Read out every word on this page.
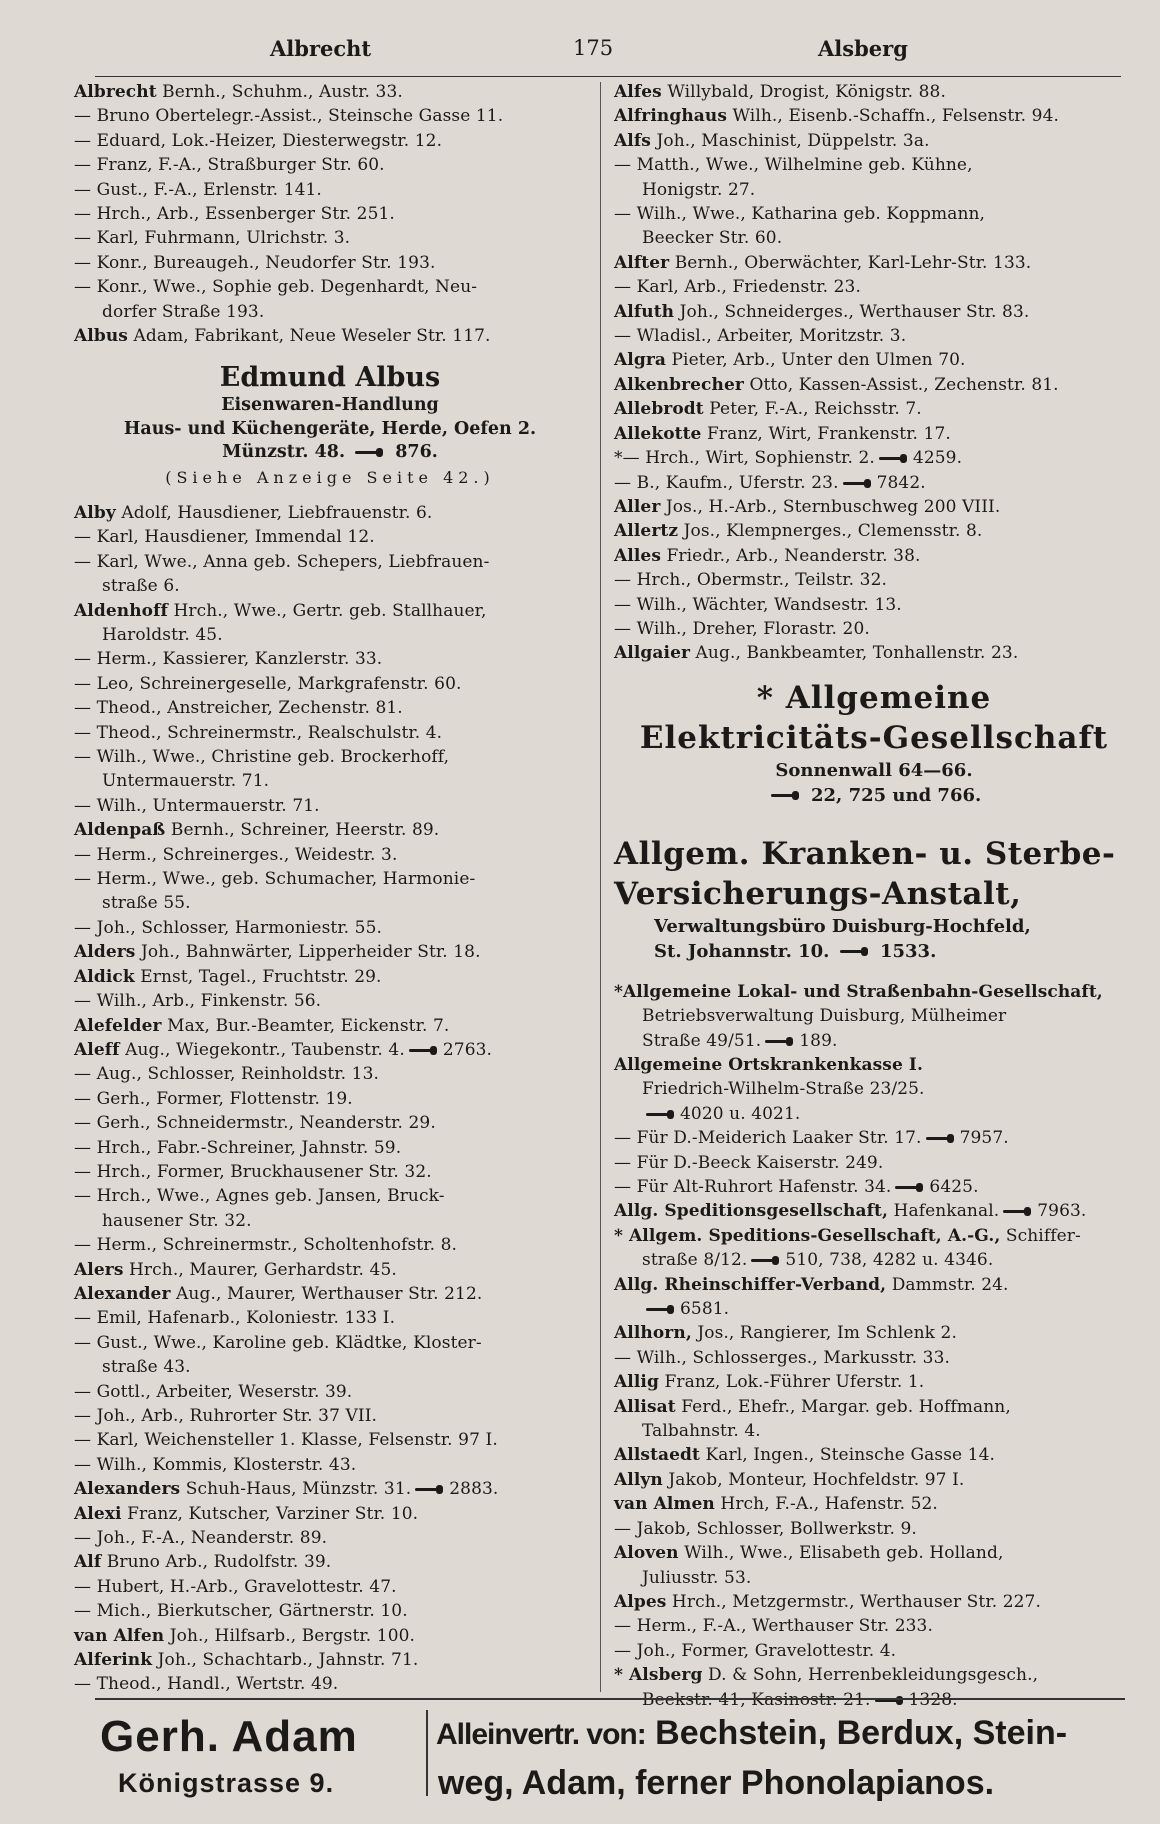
Albrecht	175	Alsberg
Albrecht Bernh., Schuhm., Austr. 33.
— Bruno Obertelegr.-Assist., Steinsche Gasse 11.
— Eduard, Lok.-Heizer, Diesterwegstr. 12.
— Franz, F.-A., Straßburger Str. 60.
— Gust., F.-A., Erlenstr. 141.
— Hrch., Arb., Essenberger Str. 251.
— Karl, Fuhrmann, Ulrichstr. 3.
— Konr., Bureaugeh., Neudorfer Str. 193.
— Konr., Wwe., Sophie geb. Degenhardt, Neu-
dorfer Straße 193.
Albus Adam, Fabrikant, Neue Weseler Str. 117.
Edmund Albus
Eisenwaren-Handlung
Haus- und Küchengeräte, Herde, Oefen 2.
Münzstr. 48.	876.
(Siehe Anzeige Seite 42.)
Alby Adolf, Hausdiener, Liebfrauenstr. 6.
— Karl, Hausdiener, Immendal 12.
— Karl, Wwe., Anna geb. Schepers, Liebfrauen-
straße 6.
Aldenhoff Hrch., Wwe., Gertr. geb. Stallhauer,
Haroldstr. 45.
— Herm., Kassierer, Kanzlerstr. 33.
— Leo, Schreinergeselle, Markgrafenstr. 60.
— Theod., Anstreicher, Zechenstr. 81.
— Theod., Schreinermstr., Realschulstr. 4.
— Wilh., Wwe., Christine geb. Brockerhoff,
Untermauerstr. 71.
— Wilh., Untermauerstr. 71.
Aldenpaß Bernh., Schreiner, Heerstr. 89.
— Herm., Schreinerges., Weidestr. 3.
— Herm., Wwe., geb. Schumacher, Harmonie-
straße 55.
— Joh., Schlosser, Harmoniestr. 55.
Alders Joh., Bahnwärter, Lipperheider Str. 18.
Aldick Ernst, Tagel., Fruchtstr. 29.
— Wilh., Arb., Finkenstr. 56.
Alefelder Max, Bur.-Beamter, Eickenstr. 7.
Aleff Aug., Wiegekontr., Taubenstr. 4. 2763.
— Aug., Schlosser, Reinholdstr. 13.
— Gerh., Former, Flottenstr. 19.
— Gerh., Schneidermstr., Neanderstr. 29.
— Hrch., Fabr.-Schreiner, Jahnstr. 59.
— Hrch., Former, Bruckhausener Str. 32.
— Hrch., Wwe., Agnes geb. Jansen, Bruck-
hausener Str. 32.
— Herm., Schreinermstr., Scholtenhofstr. 8.
Alers Hrch., Maurer, Gerhardstr. 45.
Alexander Aug., Maurer, Werthauser Str. 212.
— Emil, Hafenarb., Koloniestr. 133 I.
— Gust., Wwe., Karoline geb. Klädtke, Kloster-
straße 43.
— Gottl., Arbeiter, Weserstr. 39.
— Joh., Arb., Ruhrorter Str. 37 VII.
— Karl, Weichensteller 1. Klasse, Felsenstr. 97 I.
— Wilh., Kommis, Klosterstr. 43.
Alexanders Schuh-Haus, Münzstr. 31. 2883.
Alexi Franz, Kutscher, Varziner Str. 10.
— Joh., F.-A., Neanderstr. 89.
Alf Bruno Arb., Rudolfstr. 39.
— Hubert, H.-Arb., Gravelottestr. 47.
— Mich., Bierkutscher, Gärtnerstr. 10.
van Alfen Joh., Hilfsarb., Bergstr. 100.
Alferink Joh., Schachtarb., Jahnstr. 71.
— Theod., Handl., Wertstr. 49.
Alfes Willybald, Drogist, Königstr. 88.
Alfringhaus Wilh., Eisenb.-Schaffn., Felsenstr. 94.
Alfs Joh., Maschinist, Düppelstr. 3a.
— Matth., Wwe., Wilhelmine geb. Kühne,
Honigstr. 27.
— Wilh., Wwe., Katharina geb. Koppmann,
Beecker Str. 60.
Alfter Bernh., Oberwächter, Karl-Lehr-Str. 133.
— Karl, Arb., Friedenstr. 23.
Alfuth Joh., Schneiderges., Werthauser Str. 83.
— Wladisl., Arbeiter, Moritzstr. 3.
Algra Pieter, Arb., Unter den Ulmen 70.
Alkenbrecher Otto, Kassen-Assist., Zechenstr. 81.
Allebrodt Peter, F.-A., Reichsstr. 7.
Allekotte Franz, Wirt, Frankenstr. 17.
*— Hrch., Wirt, Sophienstr. 2. 4259.
— B., Kaufm., Uferstr. 23. 7842.
Aller Jos., H.-Arb., Sternbuschweg 200 VIII.
Allertz Jos., Klempnerges., Clemensstr. 8.
Alles Friedr., Arb., Neanderstr. 38.
— Hrch., Obermstr., Teilstr. 32.
— Wilh., Wächter, Wandsestr. 13.
— Wilh., Dreher, Florastr. 20.
Allgaier Aug., Bankbeamter, Tonhallenstr. 23.
* Allgemeine
Elektricitäts-Gesellschaft
Sonnenwall 64—66.
22, 725 und 766.
Allgem. Kranken- u. Sterbe-
Versicherungs-Anstalt,
Verwaltungsbüro Duisburg-Hochfeld,
St. Johannstr. 10.	1533.
*Allgemeine Lokal- und Straßenbahn-Gesellschaft,
Betriebsverwaltung Duisburg, Mülheimer
Straße 49/51. 189.
Allgemeine Ortskrankenkasse I.
Friedrich-Wilhelm-Straße 23/25.
4020 u. 4021.
— Für D.-Meiderich Laaker Str. 17. 7957.
— Für D.-Beeck Kaiserstr. 249.
— Für Alt-Ruhrort Hafenstr. 34. 6425.
Allg. Speditionsgesellschaft, Hafenkanal. 7963.
* Allgem. Speditions-Gesellschaft, A.-G., Schiffer-
straße 8/12. 510, 738, 4282 u. 4346.
Allg. Rheinschiffer-Verband, Dammstr. 24.
6581.
Allhorn, Jos., Rangierer, Im Schlenk 2.
— Wilh., Schlosserges., Markusstr. 33.
Allig Franz, Lok.-Führer Uferstr. 1.
Allisat Ferd., Ehefr., Margar. geb. Hoffmann,
Talbahnstr. 4.
Allstaedt Karl, Ingen., Steinsche Gasse 14.
Allyn Jakob, Monteur, Hochfeldstr. 97 I.
van Almen Hrch, F.-A., Hafenstr. 52.
— Jakob, Schlosser, Bollwerkstr. 9.
Aloven Wilh., Wwe., Elisabeth geb. Holland,
Juliusstr. 53.
Alpes Hrch., Metzgermstr., Werthauser Str. 227.
— Herm., F.-A., Werthauser Str. 233.
— Joh., Former, Gravelottestr. 4.
* Alsberg D. & Sohn, Herrenbekleidungsgesch.,
Gerh. Adam
Königstrasse 9.
Alleinvertr. von: Bechstein, Berdux, Stein-
weg, Adam, ferner Phonolapianos.
